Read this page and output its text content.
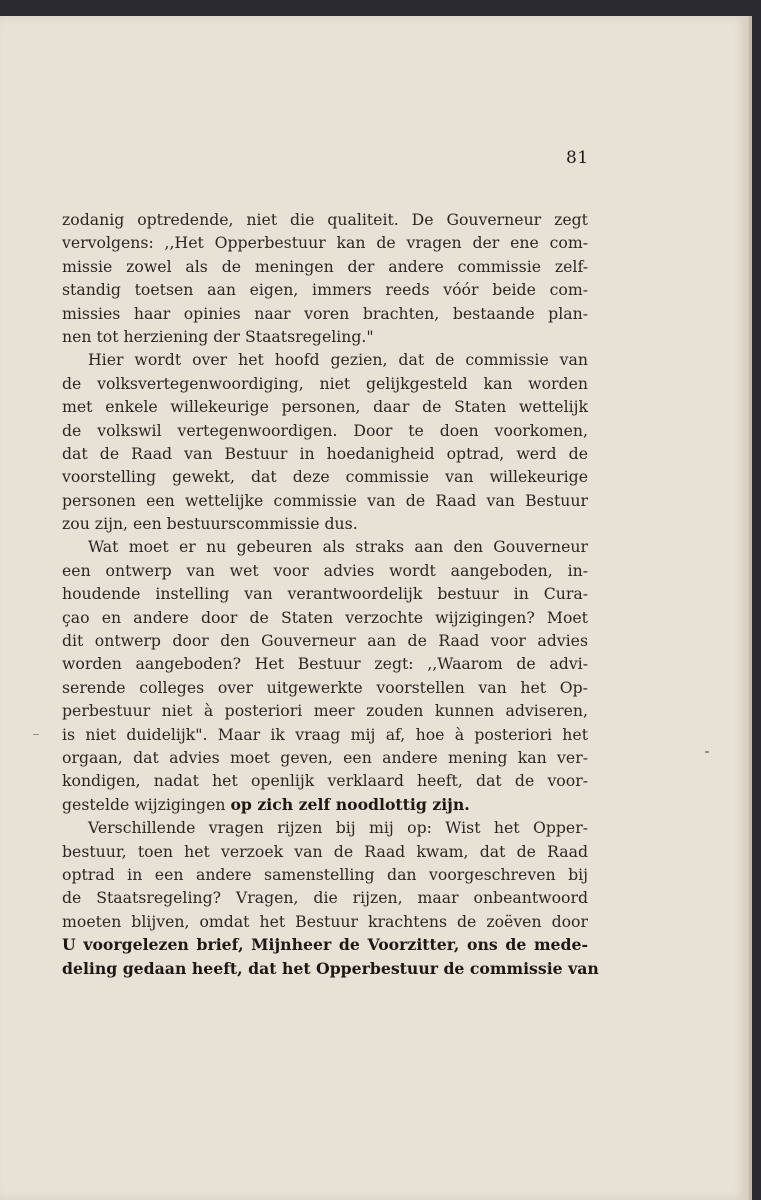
81
zodanig optredende, niet die qualiteit. De Gouverneur zegt
vervolgens: ,,Het Opperbestuur kan de vragen der ene com-
missie zowel als de meningen der andere commissie zelf-
standig toetsen aan eigen, immers reeds vóór beide com-
missies haar opinies naar voren brachten, bestaande plan-
nen tot herziening der Staatsregeling."
Hier wordt over het hoofd gezien, dat de commissie van
de volksvertegenwoordiging, niet gelijkgesteld kan worden
met enkele willekeurige personen, daar de Staten wettelijk
de volkswil vertegenwoordigen. Door te doen voorkomen,
dat de Raad van Bestuur in hoedanigheid optrad, werd de
voorstelling gewekt, dat deze commissie van willekeurige
personen een wettelijke commissie van de Raad van Bestuur
zou zijn, een bestuurscommissie dus.
Wat moet er nu gebeuren als straks aan den Gouverneur
een ontwerp van wet voor advies wordt aangeboden, in-
houdende instelling van verantwoordelijk bestuur in Cura-
çao en andere door de Staten verzochte wijzigingen? Moet
dit ontwerp door den Gouverneur aan de Raad voor advies
worden aangeboden? Het Bestuur zegt: ,,Waarom de advi-
serende colleges over uitgewerkte voorstellen van het Op-
perbestuur niet à posteriori meer zouden kunnen adviseren,
is niet duidelijk". Maar ik vraag mij af, hoe à posteriori het
orgaan, dat advies moet geven, een andere mening kan ver-
kondigen, nadat het openlijk verklaard heeft, dat de voor-
gestelde wijzigingen op zich zelf noodlottig zijn.
Verschillende vragen rijzen bij mij op: Wist het Opper-
bestuur, toen het verzoek van de Raad kwam, dat de Raad
optrad in een andere samenstelling dan voorgeschreven bij
de Staatsregeling? Vragen, die rijzen, maar onbeantwoord
moeten blijven, omdat het Bestuur krachtens de zoëven door
U voorgelezen brief, Mijnheer de Voorzitter, ons de mede-
deling gedaan heeft, dat het Opperbestuur de commissie van
